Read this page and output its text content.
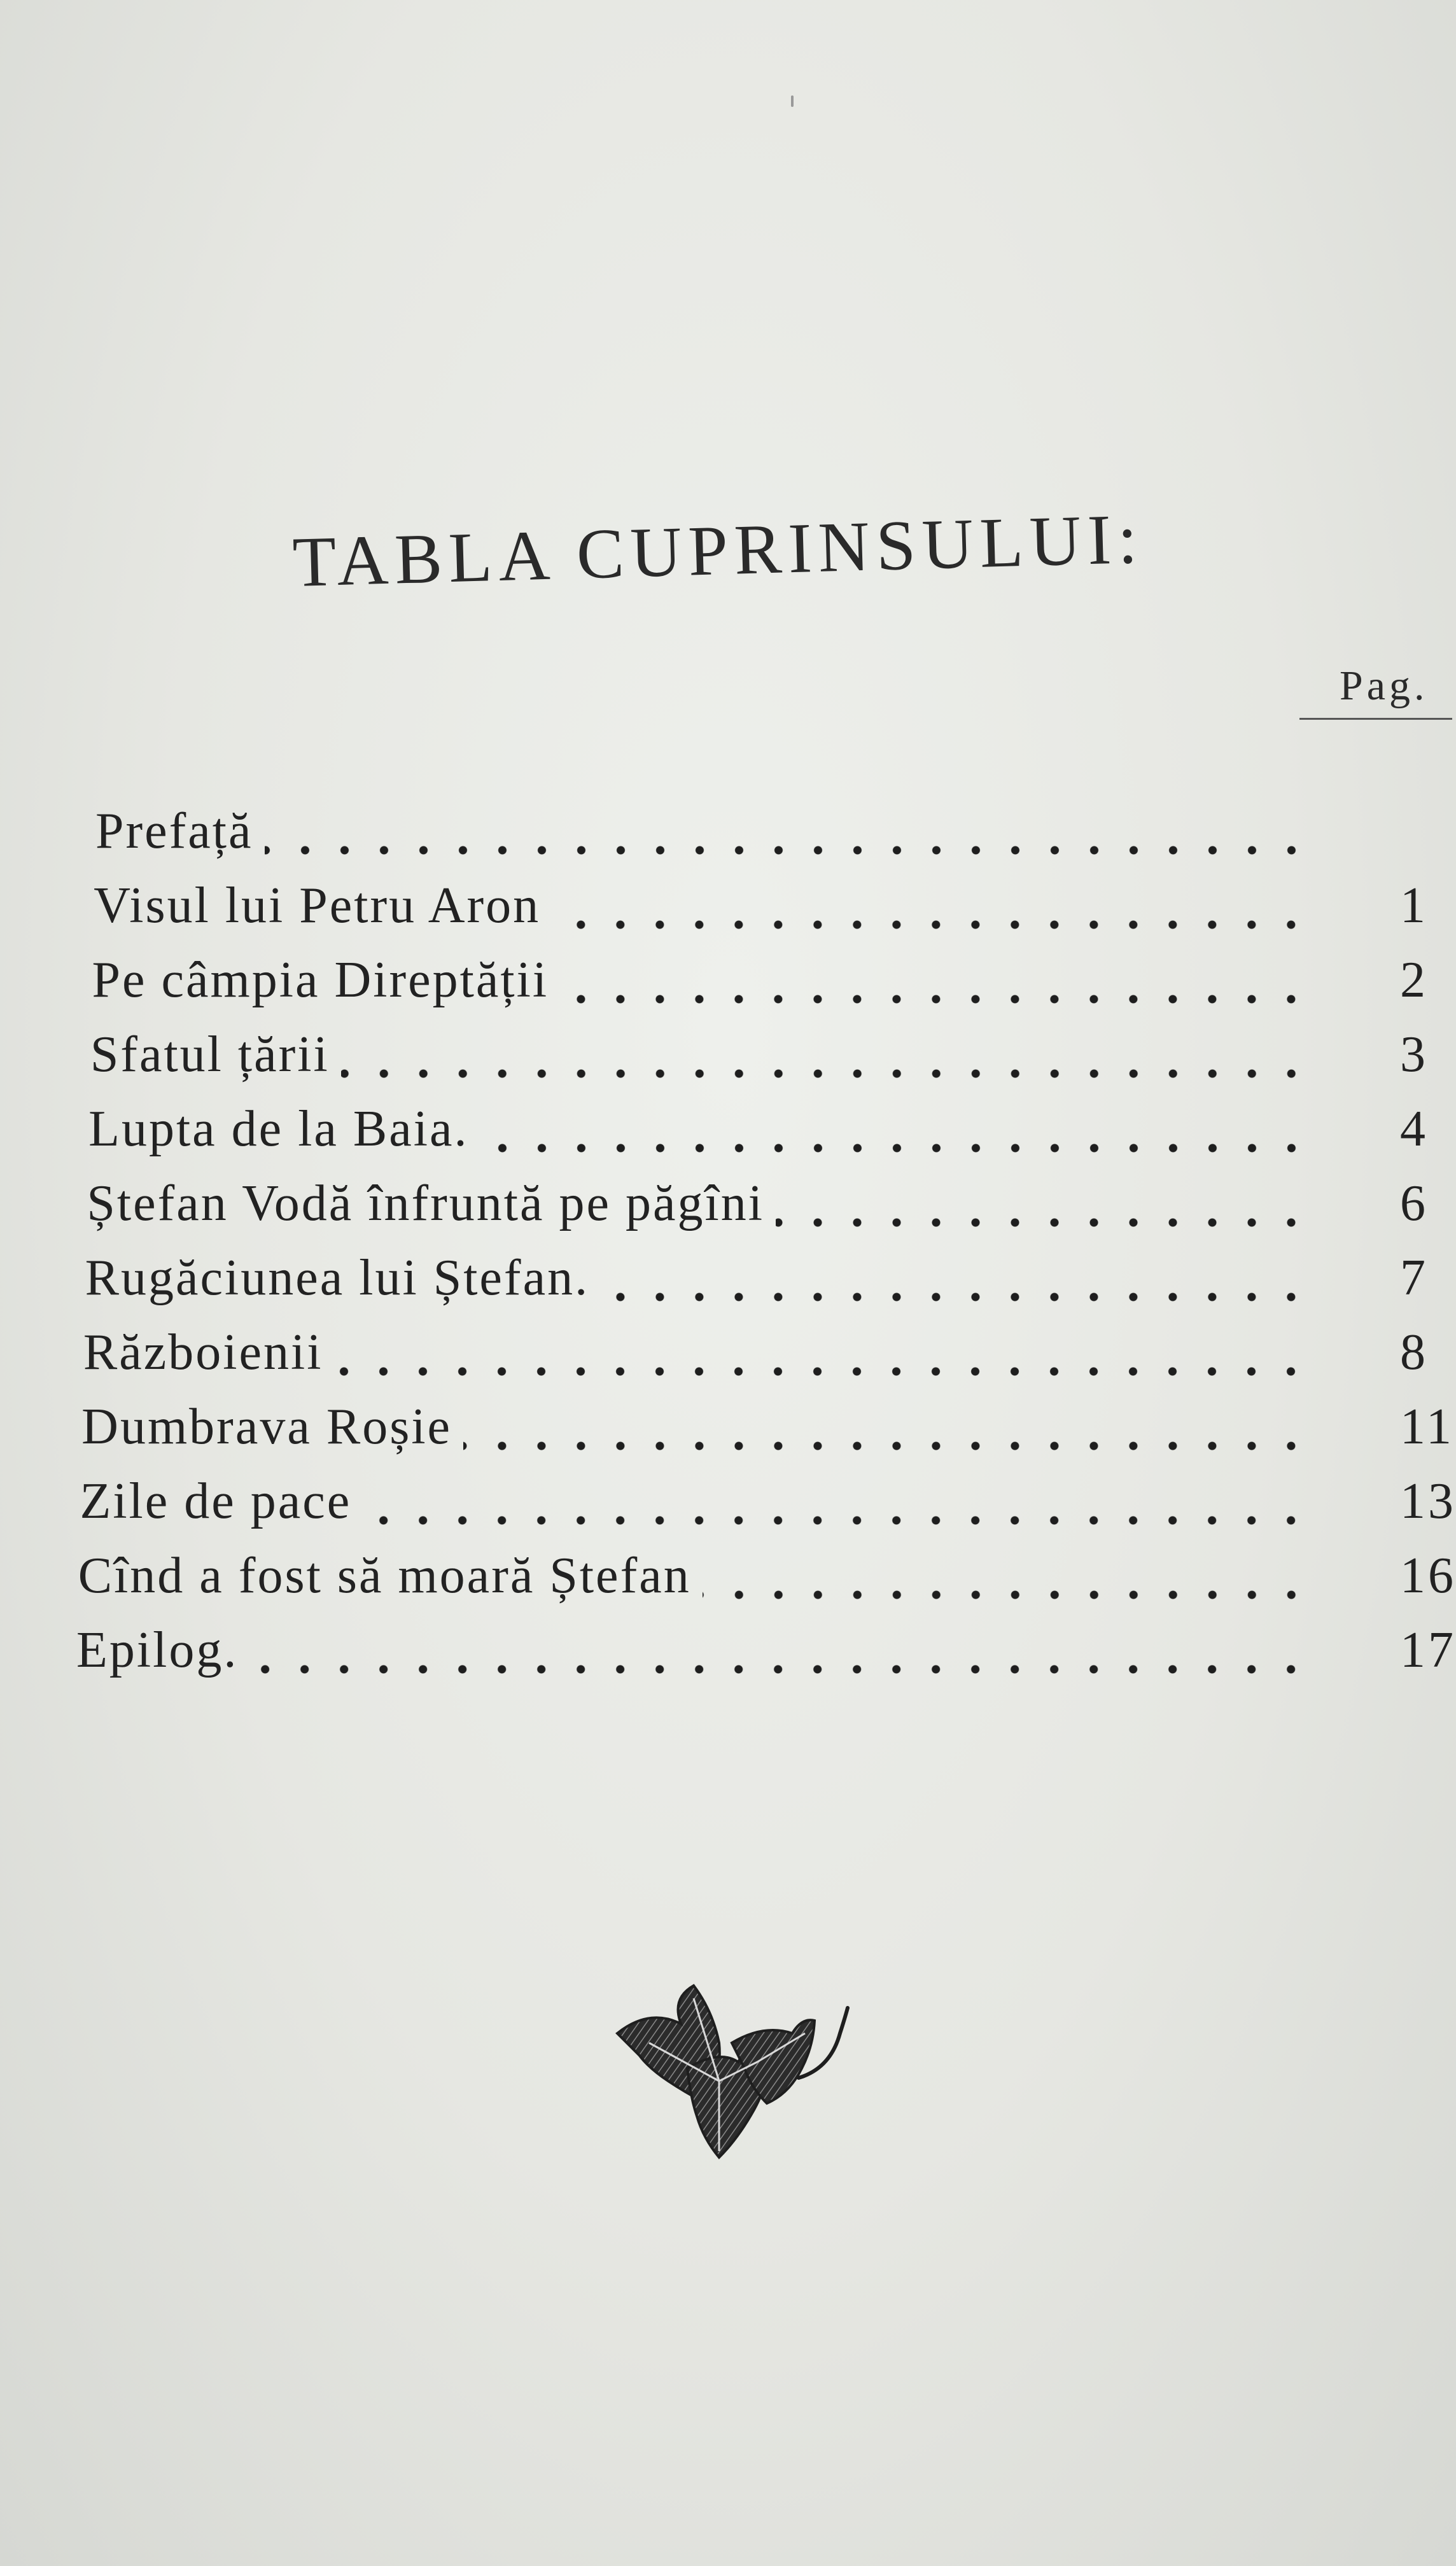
TABLA CUPRINSULUI:
Pag.
Prefață
Visul lui Petru Aron	1
Pe câmpia Direptății	2
Sfatul țării	3
Lupta de la Baia.	4
Ștefan Vodă înfruntă pe păgîni	6
Rugăciunea lui Ștefan.	7
Războienii	8
Dumbrava Roșie	11
Zile de pace	13
Cînd a fost să moară Ștefan	16
Epilog.	17
